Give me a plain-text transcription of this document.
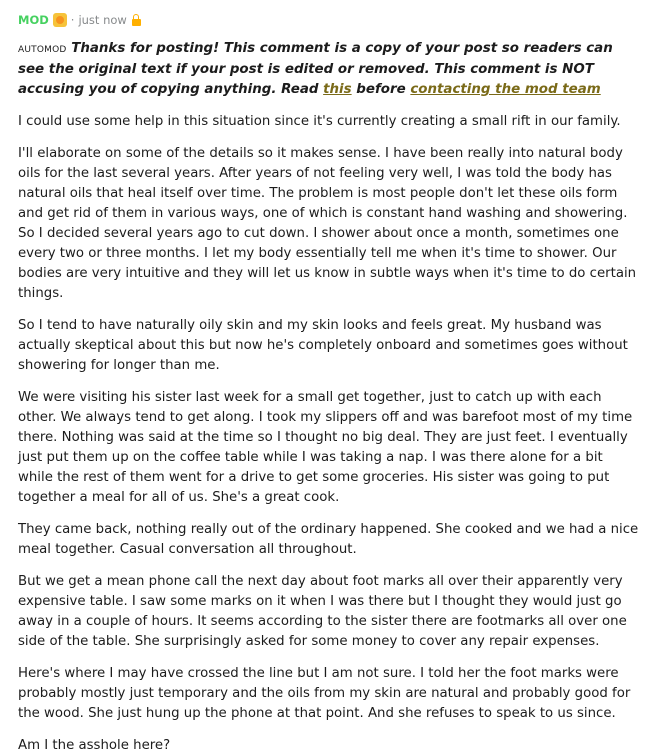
MOD · just now
AUTOMOD Thanks for posting! This comment is a copy of your post so readers can see the original text if your post is edited or removed. This comment is NOT accusing you of copying anything. Read this before contacting the mod team

I could use some help in this situation since it's currently creating a small rift in our family.

I'll elaborate on some of the details so it makes sense. I have been really into natural body oils for the last several years. After years of not feeling very well, I was told the body has natural oils that heal itself over time. The problem is most people don't let these oils form and get rid of them in various ways, one of which is constant hand washing and showering. So I decided several years ago to cut down. I shower about once a month, sometimes one every two or three months. I let my body essentially tell me when it's time to shower. Our bodies are very intuitive and they will let us know in subtle ways when it's time to do certain things.

So I tend to have naturally oily skin and my skin looks and feels great. My husband was actually skeptical about this but now he's completely onboard and sometimes goes without showering for longer than me.

We were visiting his sister last week for a small get together, just to catch up with each other. We always tend to get along. I took my slippers off and was barefoot most of my time there. Nothing was said at the time so I thought no big deal. They are just feet. I eventually just put them up on the coffee table while I was taking a nap. I was there alone for a bit while the rest of them went for a drive to get some groceries. His sister was going to put together a meal for all of us. She's a great cook.

They came back, nothing really out of the ordinary happened. She cooked and we had a nice meal together. Casual conversation all throughout.

But we get a mean phone call the next day about foot marks all over their apparently very expensive table. I saw some marks on it when I was there but I thought they would just go away in a couple of hours. It seems according to the sister there are footmarks all over one side of the table. She surprisingly asked for some money to cover any repair expenses.

Here's where I may have crossed the line but I am not sure. I told her the foot marks were probably mostly just temporary and the oils from my skin are natural and probably good for the wood. She just hung up the phone at that point. And she refuses to speak to us since.

Am I the asshole here?
